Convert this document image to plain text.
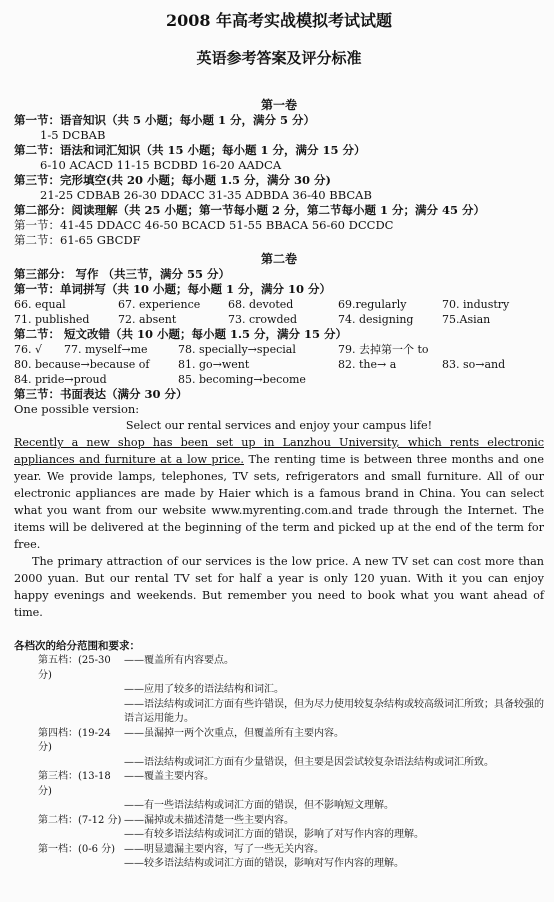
2008 年高考实战模拟考试试题
英语参考答案及评分标准
第一卷
第一节：语音知识（共 5 小题；每小题 1 分，满分 5 分）
1-5 DCBAB
第二节：语法和词汇知识（共 15 小题；每小题 1 分，满分 15 分）
6-10 ACACD 11-15 BCDBD 16-20 AADCA
第三节：完形填空(共 20 小题；每小题 1.5 分，满分 30 分)
21-25 CDBAB 26-30 DDACC 31-35 ADBDA 36-40 BBCAB
第二部分：阅读理解（共 25 小题；第一节每小题 2 分，第二节每小题 1 分；满分 45 分）
第一节：41-45 DDACC 46-50 BCACD 51-55 BBACA 56-60 DCCDC
第二节：61-65 GBCDF
第二卷
第三部分： 写作 （共三节，满分 55 分）
第一节：单词拼写（共 10 小题；每小题 1 分，满分 10 分）
66. equal	67. experience	68. devoted	69.regularly	70. industry
71. published	72. absent	73. crowded	74. designing	75.Asian
第二节： 短文改错（共 10 小题；每小题 1.5 分，满分 15 分）
76. √ 77. myself→me	78. specially→special	79. 去掉第一个 to
80. because→because of	81. go→went	82. the→ a	83. so→and
84. pride→proud	85. becoming→become
第三节：书面表达（满分 30 分）
One possible version:
Select our rental services and enjoy your campus life!
Recently a new shop has been set up in Lanzhou University, which rents electronic appliances and furniture at a low price. The renting time is between three months and one year. We provide lamps, telephones, TV sets, refrigerators and small furniture. All of our electronic appliances are made by Haier which is a famous brand in China. You can select what you want from our website www.myrenting.com.and trade through the Internet. The items will be delivered at the beginning of the term and picked up at the end of the term for free.
The primary attraction of our services is the low price. A new TV set can cost more than 2000 yuan. But our rental TV set for half a year is only 120 yuan. With it you can enjoy happy evenings and weekends. But remember you need to book what you want ahead of time.
各档次的给分范围和要求：
第五档：(25-30 分)
——覆盖所有内容要点。
——应用了较多的语法结构和词汇。
——语法结构或词汇方面有些许错误，但为尽力使用较复杂结构或较高级词汇所致；具备较强的语言运用能力。
第四档：(19-24 分)
——虽漏掉一两个次重点，但覆盖所有主要内容。
——语法结构或词汇方面有少量错误，但主要是因尝试较复杂语法结构或词汇所致。
第三档：(13-18 分)
——覆盖主要内容。
——有一些语法结构或词汇方面的错误，但不影响短文理解。
第二档：(7-12 分) ——漏掉或未描述清楚一些主要内容。
——有较多语法结构或词汇方面的错误，影响了对写作内容的理解。
第一档：(0-6 分) ——明显遗漏主要内容，写了一些无关内容。
——较多语法结构或词汇方面的错误，影响对写作内容的理解。
